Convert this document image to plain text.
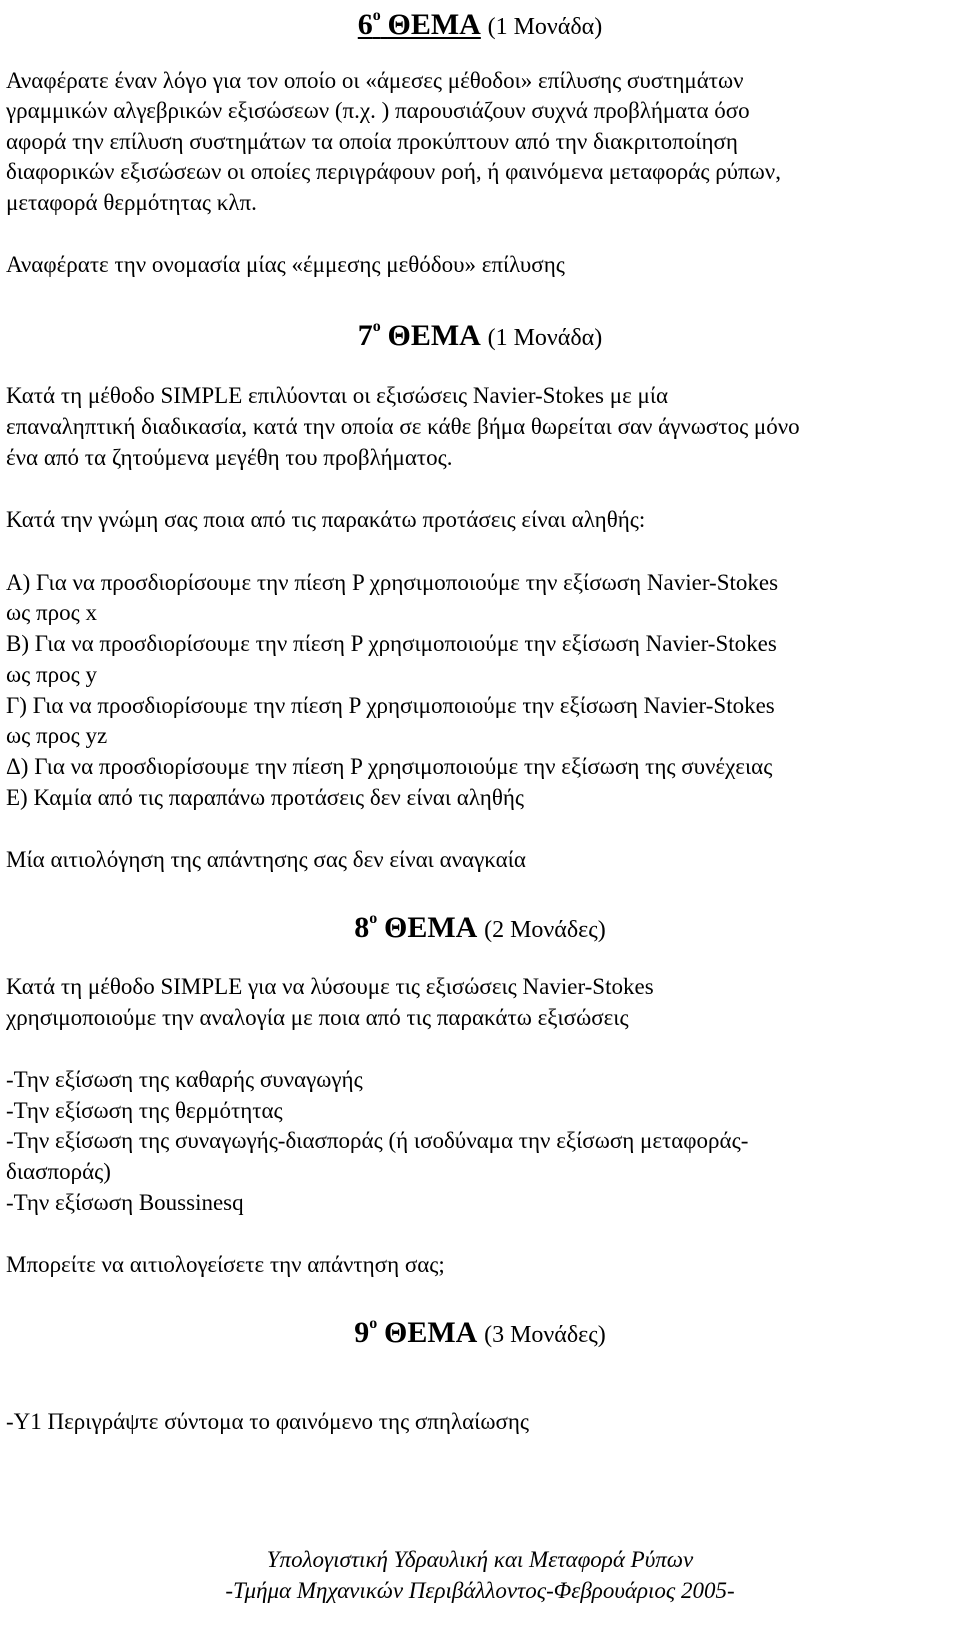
$6^o$ ΘΕΜΑ (1 Μονάδα)

Αναφέρατε έναν λόγο για τον οποίο οι «άμεσες μέθοδοι» επίλυσης συστημάτων

γραμμικών αλγεβρικών εξισώσεων (π.χ. ) παρουσιάζουν συχνά προβλήματα όσο

αφορά την επίλυση συστημάτων τα οποία προκύπτουν από την διακριτοποίηση

διαφορικών εξισώσεων οι οποίες περιγράφουν ροή, ή φαινόμενα μεταφοράς ρύπων,

μεταφορά θερμότητας κλπ.

Αναφέρατε την ονομασία μίας «έμμεσης μεθόδου» επίλυσης

$7^o$ ΘΕΜΑ (1 Μονάδα)

Κατά τη μέθοδο SIMPLE επιλύονται οι εξισώσεις Navier-Stokes με μία

επαναληπτική διαδικασία, κατά την οποία σε κάθε βήμα θωρείται σαν άγνωστος μόνο

ένα από τα ζητούμενα μεγέθη του προβλήματος.

Κατά την γνώμη σας ποια από τις παρακάτω προτάσεις είναι αληθής:

Α) Για να προσδιορίσουμε την πίεση P χρησιμοποιούμε την εξίσωση Navier-Stokes

ως προς x

Β) Για να προσδιορίσουμε την πίεση P χρησιμοποιούμε την εξίσωση Navier-Stokes

ως προς y

Γ) Για να προσδιορίσουμε την πίεση P χρησιμοποιούμε την εξίσωση Navier-Stokes

ως προς yz

Δ) Για να προσδιορίσουμε την πίεση P χρησιμοποιούμε την εξίσωση της συνέχειας

Ε) Καμία από τις παραπάνω προτάσεις δεν είναι αληθής

Μία αιτιολόγηση της απάντησης σας δεν είναι αναγκαία

$8^o$ ΘΕΜΑ (2 Μονάδες)

Κατά τη μέθοδο SIMPLE για να λύσουμε τις εξισώσεις Navier-Stokes

χρησιμοποιούμε την αναλογία με ποια από τις παρακάτω εξισώσεις

-Την εξίσωση της καθαρής συναγωγής

-Την εξίσωση της θερμότητας

-Την εξίσωση της συναγωγής-διασποράς (ή ισοδύναμα την εξίσωση μεταφοράς-

διασποράς)

-Την εξίσωση Boussinesq

Μπορείτε να αιτιολογείσετε την απάντηση σας;

$9^o$ ΘΕΜΑ (3 Μονάδες)

-Υ1 Περιγράψτε σύντομα το φαινόμενο της σπηλαίωσης

Υπολογιστική Υδραυλική και Μεταφορά Ρύπων

-Τμήμα Μηχανικών Περιβάλλοντος-Φεβρουάριος 2005-
